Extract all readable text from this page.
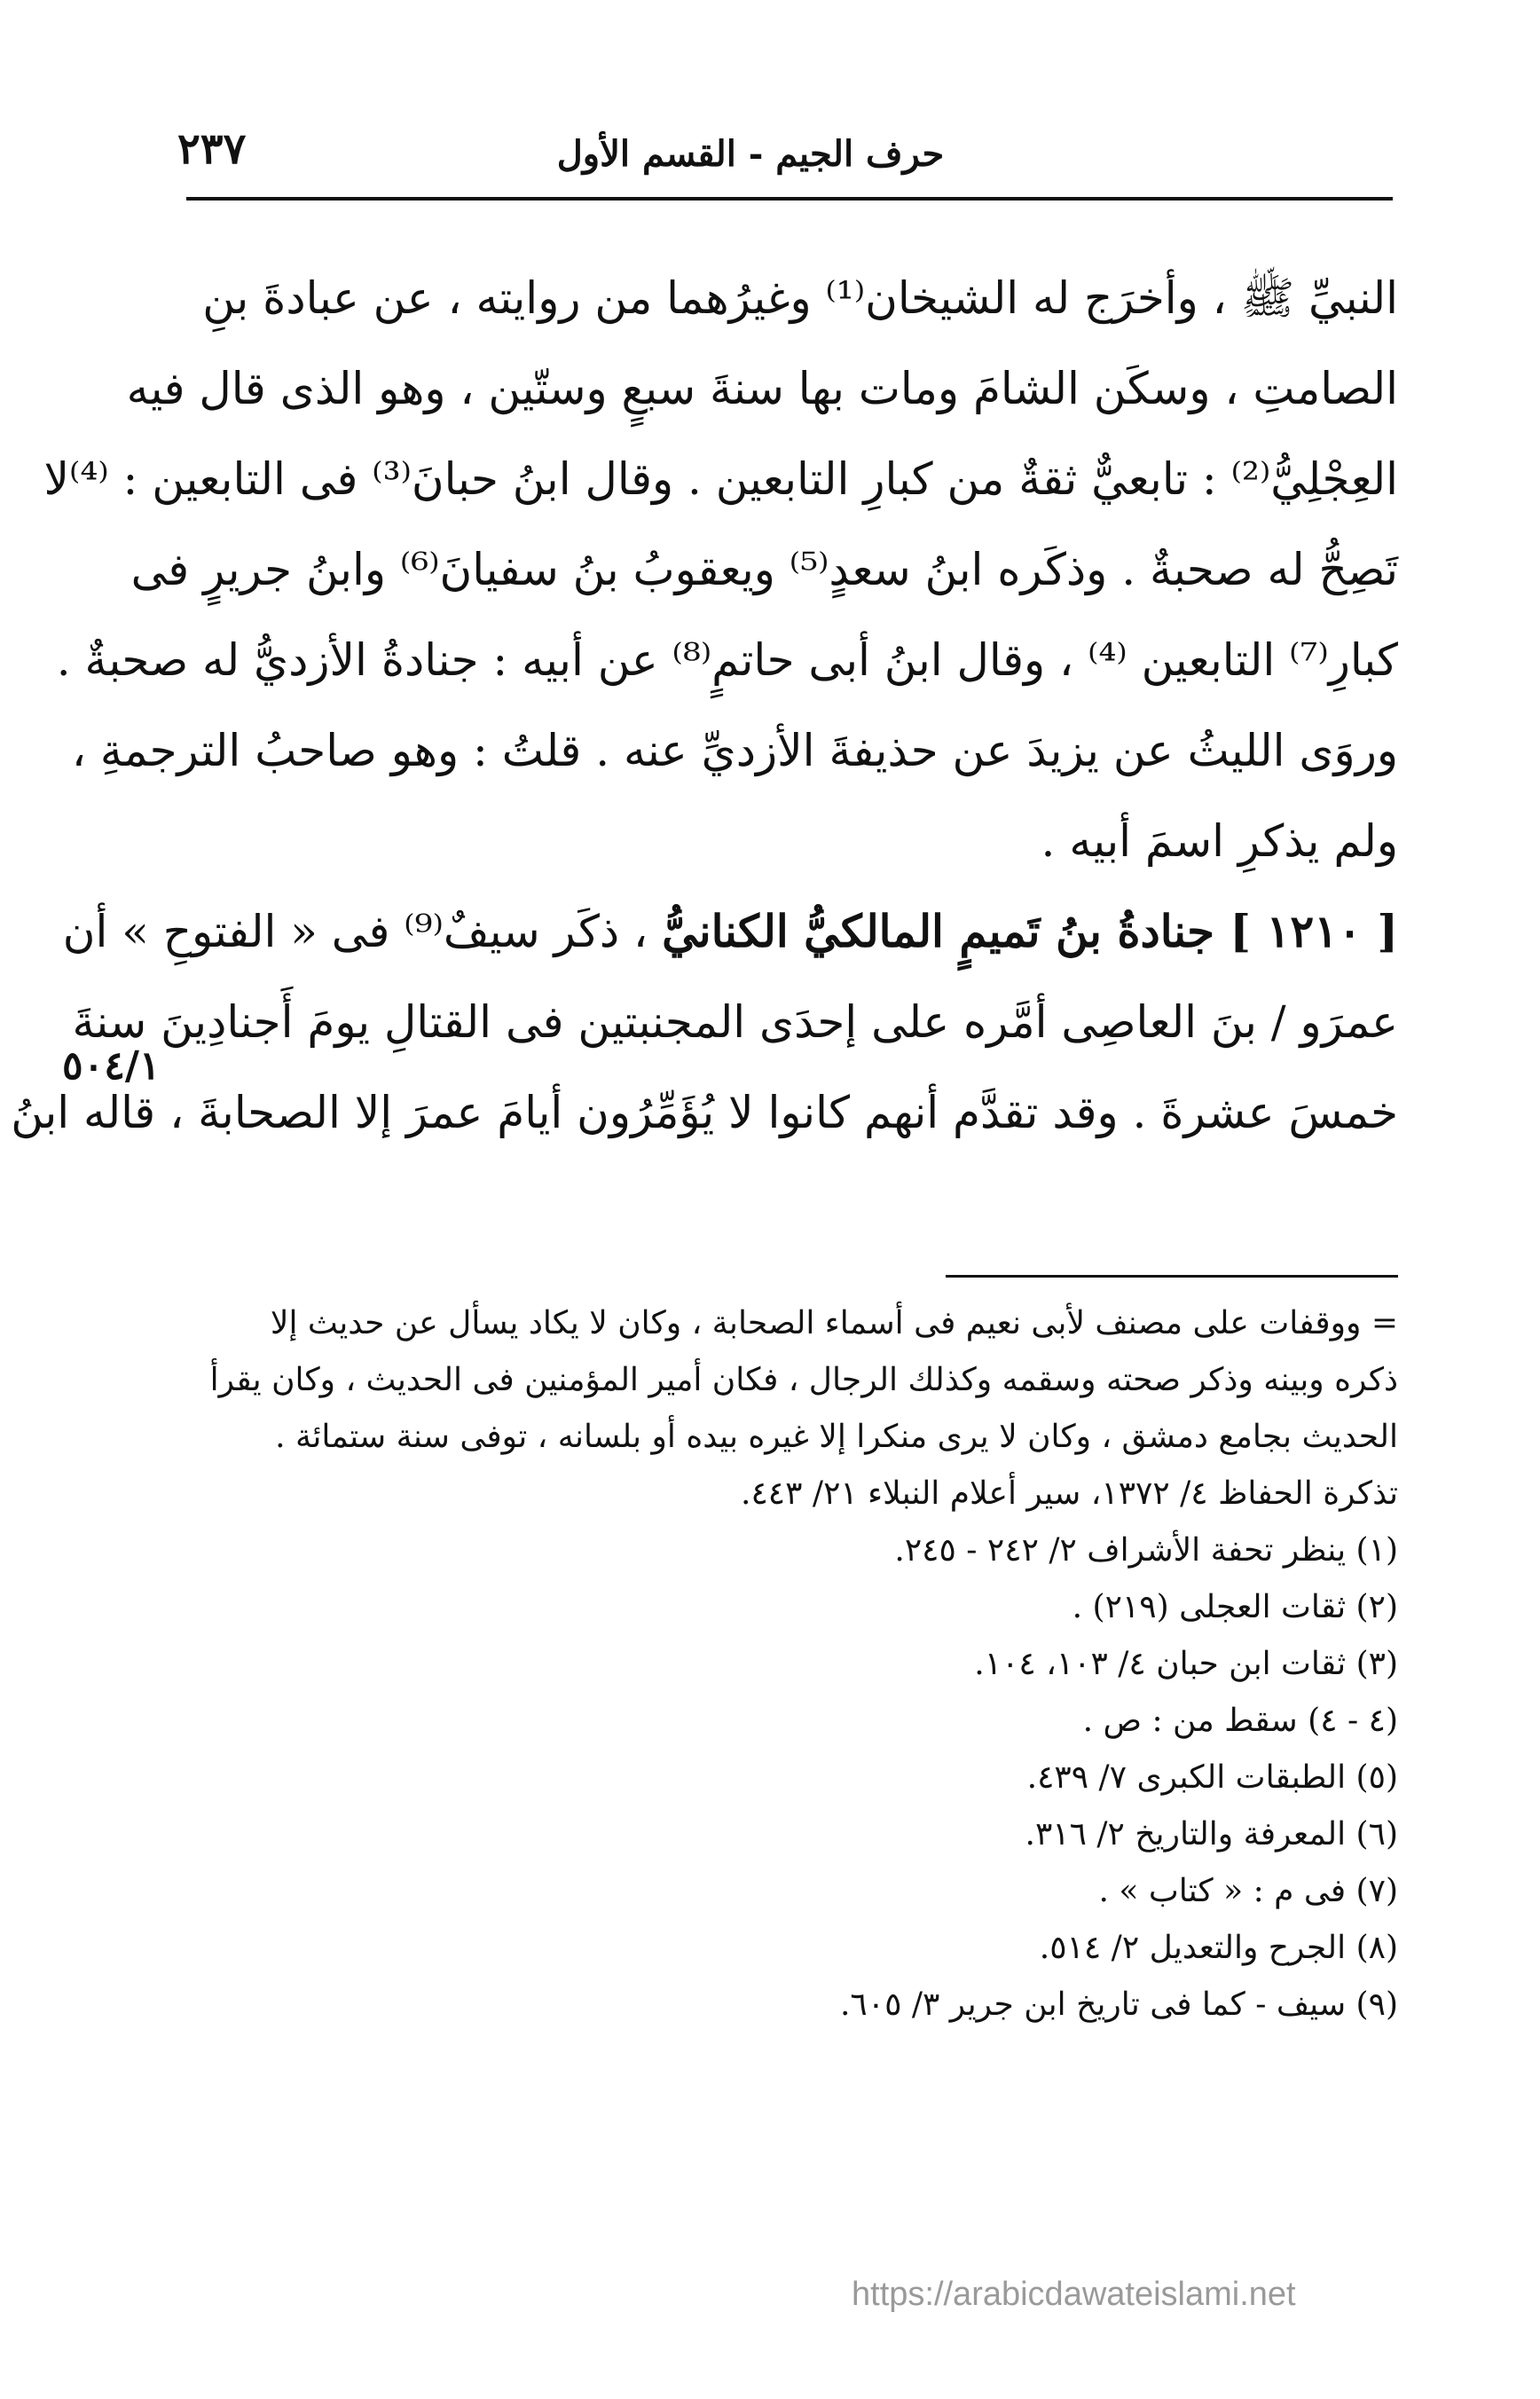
حرف الجيم - القسم الأول
٢٣٧
النبيِّ ﷺ ، وأخرَج له الشيخان⁽¹⁾ وغيرُهما من روايته ، عن عبادةَ بنِ
الصامتِ ، وسكَن الشامَ ومات بها سنةَ سبعٍ وستّين ، وهو الذى قال فيه
العِجْلِيُّ⁽²⁾ : تابعيٌّ ثقةٌ من كبارِ التابعين . وقال ابنُ حبانَ⁽³⁾ فى التابعين : ⁽⁴⁾لا
تَصِحُّ له صحبةٌ . وذكَره ابنُ سعدٍ⁽⁵⁾ ويعقوبُ بنُ سفيانَ⁽⁶⁾ وابنُ جريرٍ فى
كبارِ⁽⁷⁾ التابعين ⁽⁴⁾ ، وقال ابنُ أبى حاتمٍ⁽⁸⁾ عن أبيه : جنادةُ الأزديُّ له صحبةٌ .
وروَى الليثُ عن يزيدَ عن حذيفةَ الأزديِّ عنه . قلتُ : وهو صاحبُ الترجمةِ ،
ولم يذكرِ اسمَ أبيه .
[ ١٢١٠ ] جنادةُ بنُ تَميمٍ المالكيُّ الكنانيُّ ، ذكَر سيفٌ⁽⁹⁾ فى « الفتوحِ » أن
عمرَو / بنَ العاصِى أمَّره على إحدَى المجنبتين فى القتالِ يومَ أَجنادِينَ سنةَ
خمسَ عشرةَ . وقد تقدَّم أنهم كانوا لا يُؤَمِّرُون أيامَ عمرَ إلا الصحابةَ ، قاله ابنُ
٥٠٤/١
= ووقفات على مصنف لأبى نعيم فى أسماء الصحابة ، وكان لا يكاد يسأل عن حديث إلا
ذكره وبينه وذكر صحته وسقمه وكذلك الرجال ، فكان أمير المؤمنين فى الحديث ، وكان يقرأ
الحديث بجامع دمشق ، وكان لا يرى منكرا إلا غيره بيده أو بلسانه ، توفى سنة ستمائة .
تذكرة الحفاظ ٤/ ١٣٧٢، سير أعلام النبلاء ٢١/ ٤٤٣.
(١) ينظر تحفة الأشراف ٢/ ٢٤٢ - ٢٤٥.
(٢) ثقات العجلى (٢١٩) .
(٣) ثقات ابن حبان ٤/ ١٠٣، ١٠٤.
(٤ - ٤) سقط من : ص .
(٥) الطبقات الكبرى ٧/ ٤٣٩.
(٦) المعرفة والتاريخ ٢/ ٣١٦.
(٧) فى م : « كتاب » .
(٨) الجرح والتعديل ٢/ ٥١٤.
(٩) سيف - كما فى تاريخ ابن جرير ٣/ ٦٠٥.
https://arabicdawateislami.net
